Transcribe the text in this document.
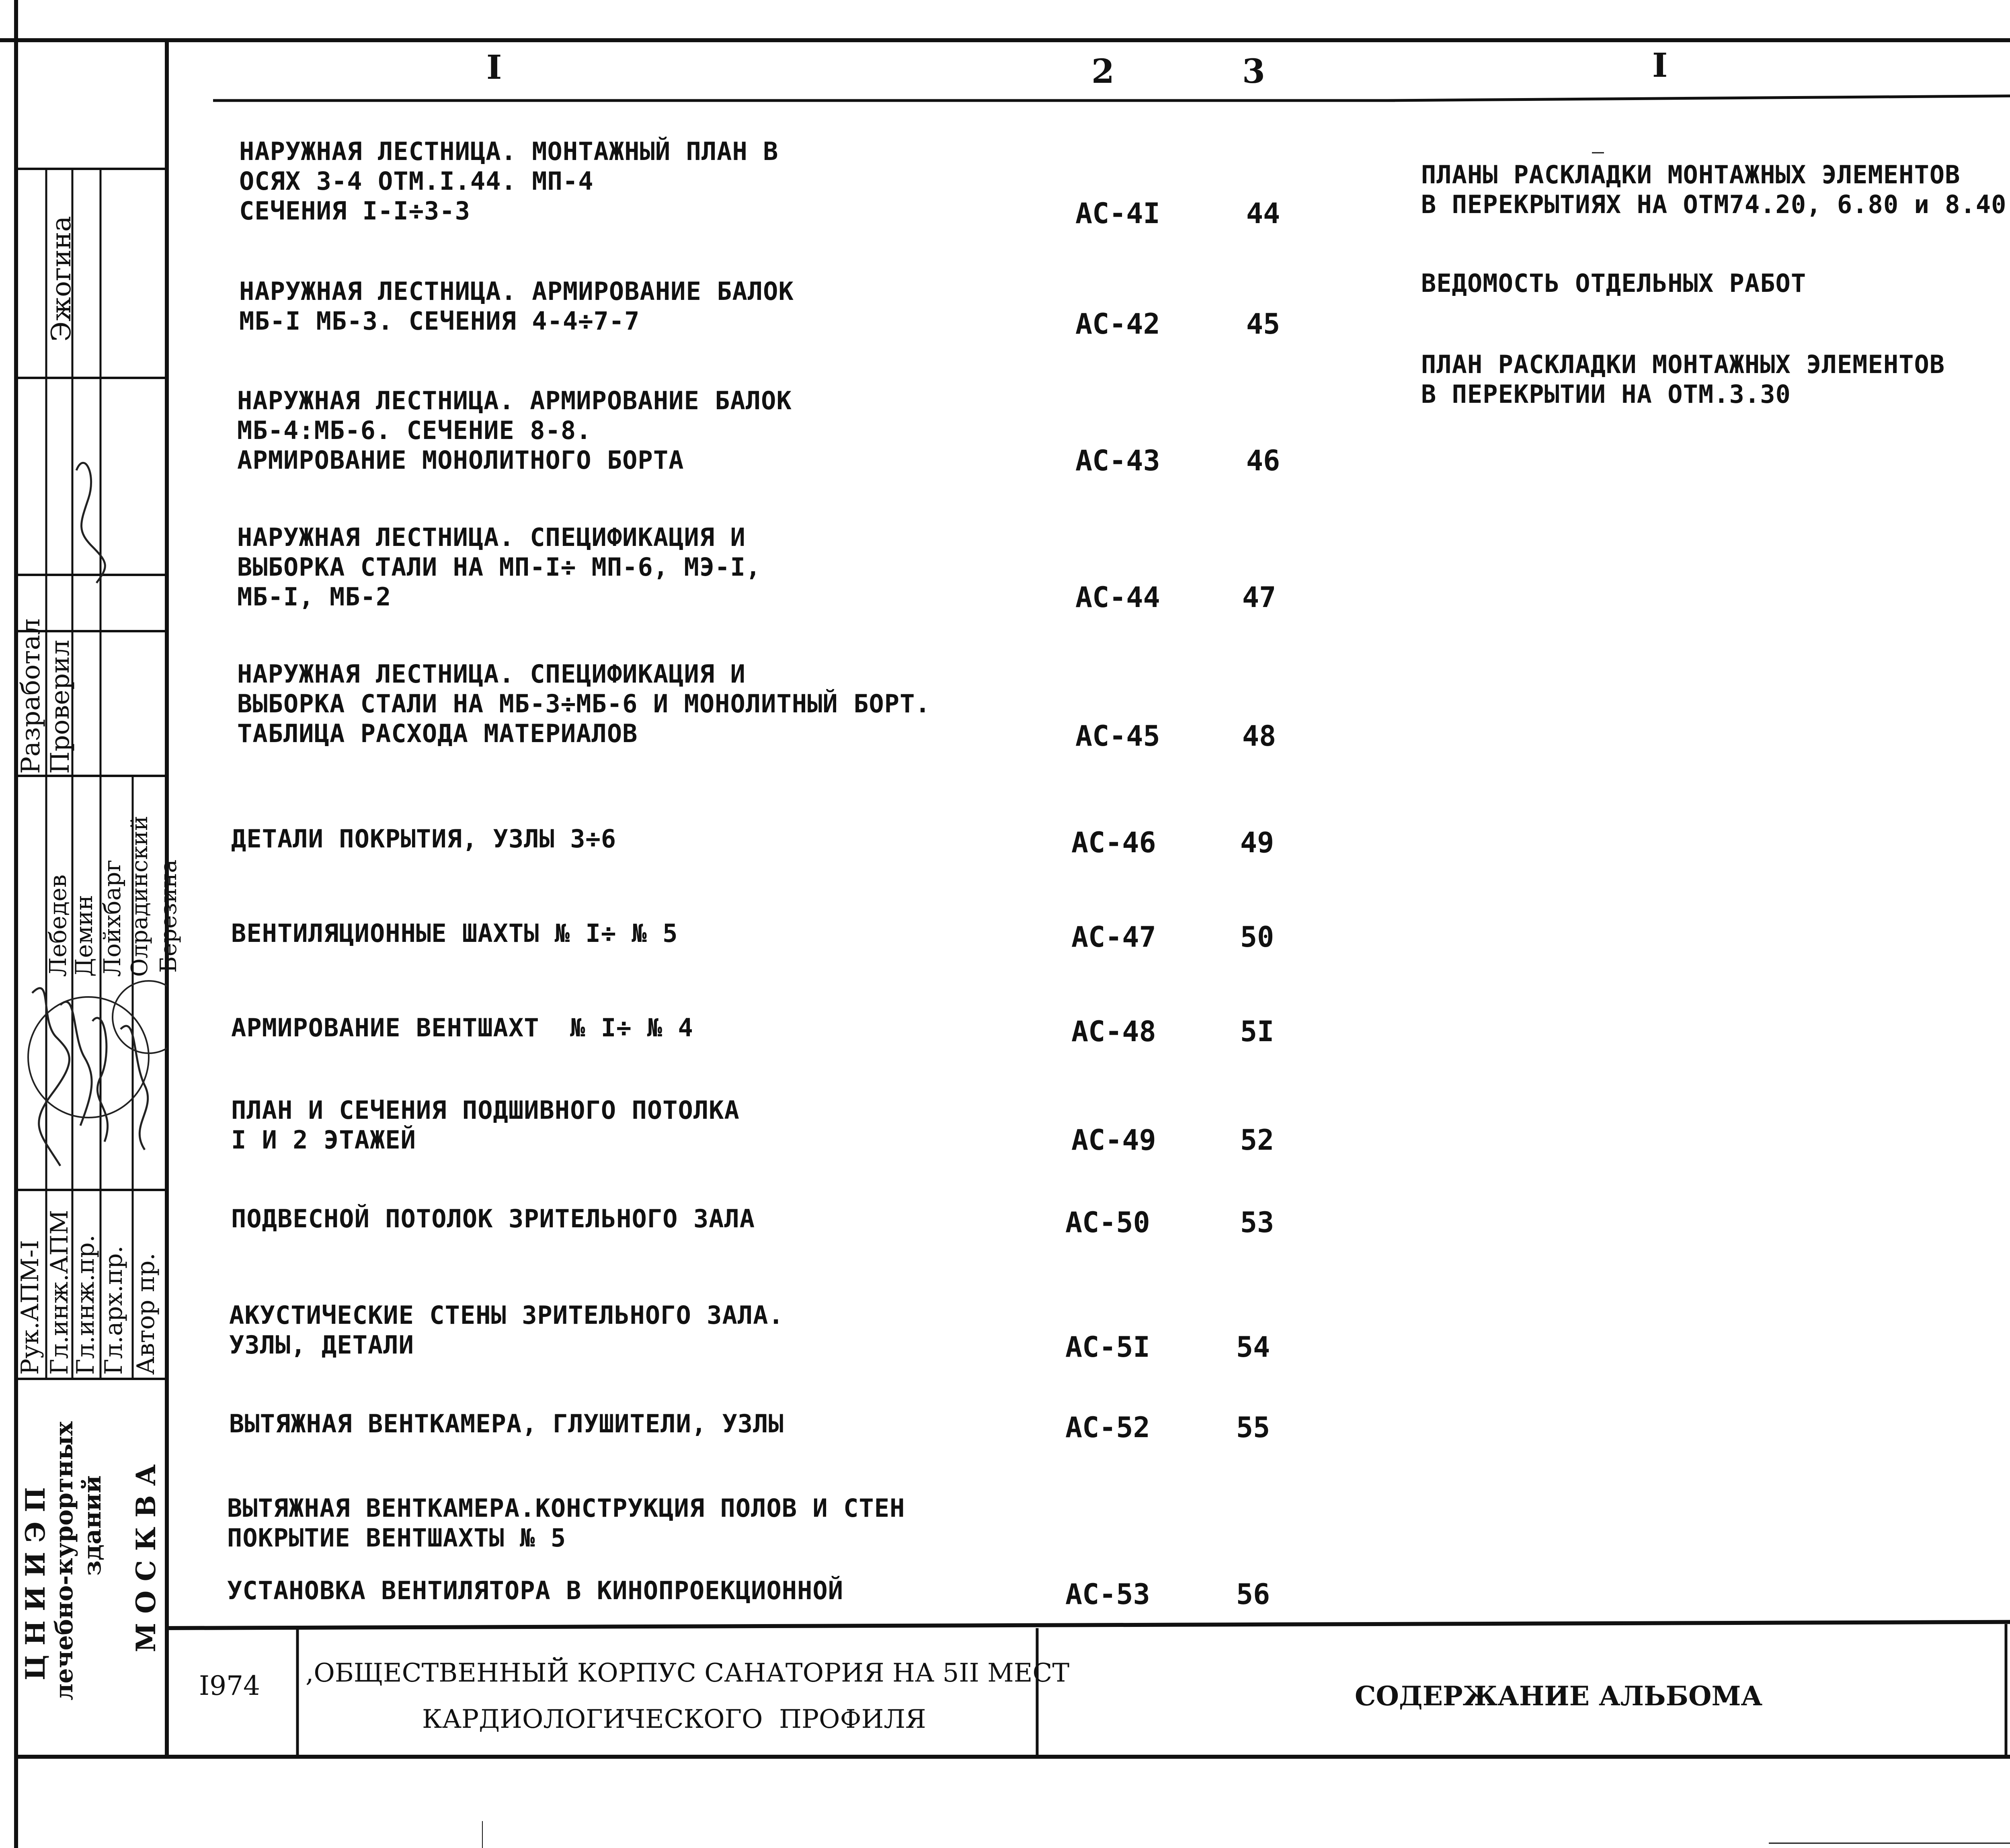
I	2	3	I
НАРУЖНАЯ ЛЕСТНИЦА. МОНТАЖНЫЙ ПЛАН В
ОСЯХ 3-4 ОТМ.I.44. МП-4
СЕЧЕНИЯ I-I÷3-3	АС-4I	44
НАРУЖНАЯ ЛЕСТНИЦА. АРМИРОВАНИЕ БАЛОК
МБ-I МБ-3. СЕЧЕНИЯ 4-4÷7-7	АС-42	45
НАРУЖНАЯ ЛЕСТНИЦА. АРМИРОВАНИЕ БАЛОК
МБ-4:МБ-6. СЕЧЕНИЕ 8-8.
АРМИРОВАНИЕ МОНОЛИТНОГО БОРТА	АС-43	46
НАРУЖНАЯ ЛЕСТНИЦА. СПЕЦИФИКАЦИЯ И
ВЫБОРКА СТАЛИ НА МП-I÷ МП-6, МЭ-I,
МБ-I, МБ-2	АС-44	47
НАРУЖНАЯ ЛЕСТНИЦА. СПЕЦИФИКАЦИЯ И
ВЫБОРКА СТАЛИ НА МБ-3÷МБ-6 И МОНОЛИТНЫЙ БОРТ.
ТАБЛИЦА РАСХОДА МАТЕРИАЛОВ	АС-45	48
ДЕТАЛИ ПОКРЫТИЯ, УЗЛЫ 3÷6	АС-46	49
ВЕНТИЛЯЦИОННЫЕ ШАХТЫ № I÷ № 5	АС-47	50
АРМИРОВАНИЕ ВЕНТШАХТ  № I÷ № 4	АС-48	5I
ПЛАН И СЕЧЕНИЯ ПОДШИВНОГО ПОТОЛКА
I И 2 ЭТАЖЕЙ	АС-49	52
ПОДВЕСНОЙ ПОТОЛОК ЗРИТЕЛЬНОГО ЗАЛА	АС-50	53
АКУСТИЧЕСКИЕ СТЕНЫ ЗРИТЕЛЬНОГО ЗАЛА.
УЗЛЫ, ДЕТАЛИ	АС-5I	54
ВЫТЯЖНАЯ ВЕНТКАМЕРА, ГЛУШИТЕЛИ, УЗЛЫ	АС-52	55
ВЫТЯЖНАЯ ВЕНТКАМЕРА.КОНСТРУКЦИЯ ПОЛОВ И СТЕН
ПОКРЫТИЕ ВЕНТШАХТЫ № 5
УСТАНОВКА ВЕНТИЛЯТОРА В КИНОПРОЕКЦИОННОЙ	АС-53	56
ПЛАНЫ РАСКЛАДКИ МОНТАЖНЫХ ЭЛЕМЕНТОВ
В ПЕРЕКРЫТИЯХ НА ОТМ74.20, 6.80 и 8.40
ВЕДОМОСТЬ ОТДЕЛЬНЫХ РАБОТ
ПЛАН РАСКЛАДКИ МОНТАЖНЫХ ЭЛЕМЕНТОВ
В ПЕРЕКРЫТИИ НА ОТМ.3.30
I974 ,ОБЩЕСТВЕННЫЙ КОРПУС САНАТОРИЯ НА 5II МЕСТ
КАРДИОЛОГИЧЕСКОГО  ПРОФИЛЯ
СОДЕРЖАНИЕ АЛЬБОМА
Рук.АПМ-I Гл.инж.АПМ
Гл.инж.пр. Гл.арх.пр. Автор пр.
Лебедев
Демин Лойхбарг Олрадинский Березина
Разработал Проверил
Эжогина
Ц Н И И Э П
лечебно-курортных зданий М О С К В А
